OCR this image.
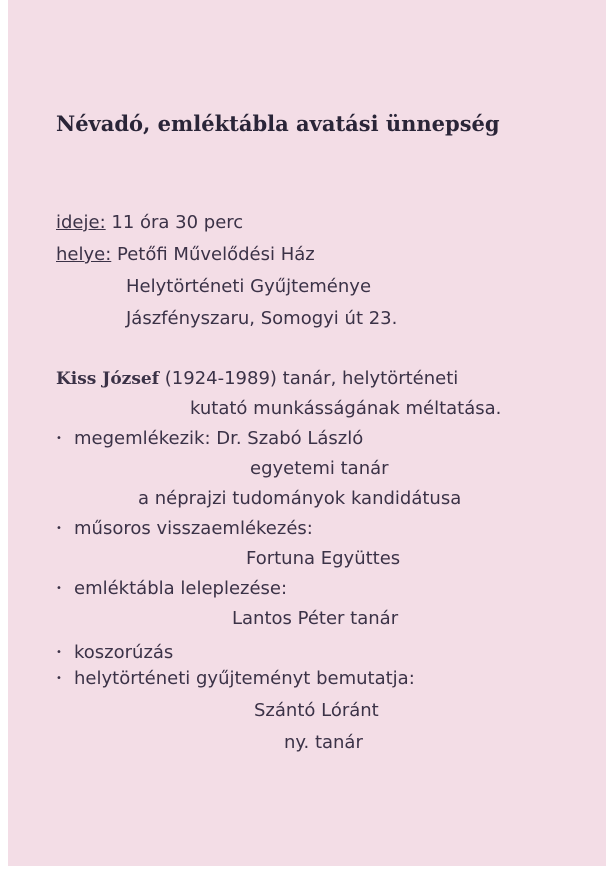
Névadó, emléktábla avatási ünnepség
ideje: 11 óra 30 perc
helye: Petőfi Művelődési Ház
Helytörténeti Gyűjteménye
Jászfényszaru, Somogyi út 23.
Kiss József (1924-1989) tanár, helytörténeti
kutató munkásságának méltatása.
• megemlékezik: Dr. Szabó László
egyetemi tanár
a néprajzi tudományok kandidátusa
• műsoros visszaemlékezés:
Fortuna Együttes
• emléktábla leleplezése:
Lantos Péter tanár
• koszorúzás
• helytörténeti gyűjteményt bemutatja:
Szántó Lóránt
ny. tanár
